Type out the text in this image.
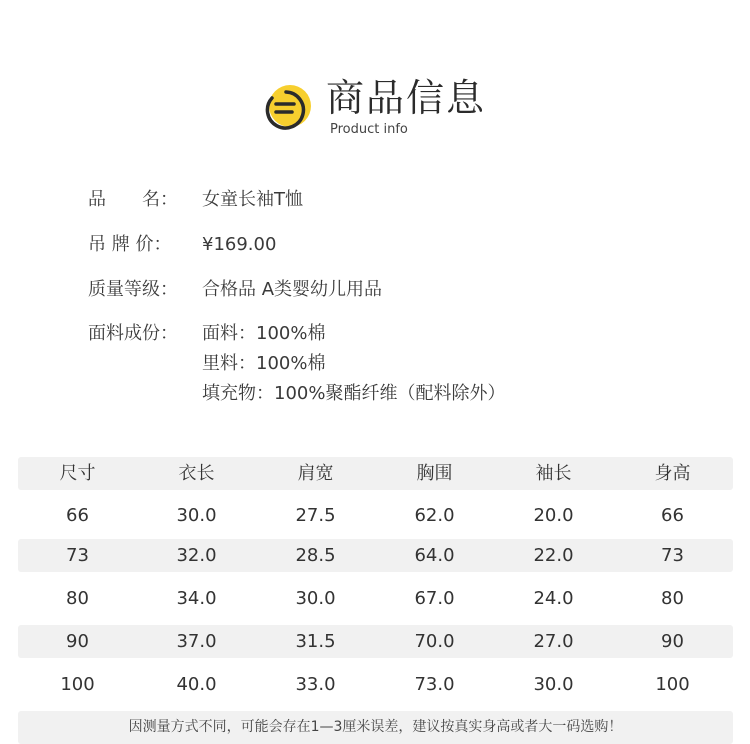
商品信息
Product info
品　　名：	女童长袖T恤
吊 牌 价：	¥169.00
质量等级：	合格品 A类婴幼儿用品
面料成份：	面料：100%棉
里料：100%棉
填充物：100%聚酯纤维（配料除外）
尺寸	衣长	肩宽	胸围	袖长	身高
66	30.0	27.5	62.0	20.0	66
73	32.0	28.5	64.0	22.0	73
80	34.0	30.0	67.0	24.0	80
90	37.0	31.5	70.0	27.0	90
100	40.0	33.0	73.0	30.0	100
因测量方式不同，可能会存在1—3厘米误差，建议按真实身高或者大一码选购！
